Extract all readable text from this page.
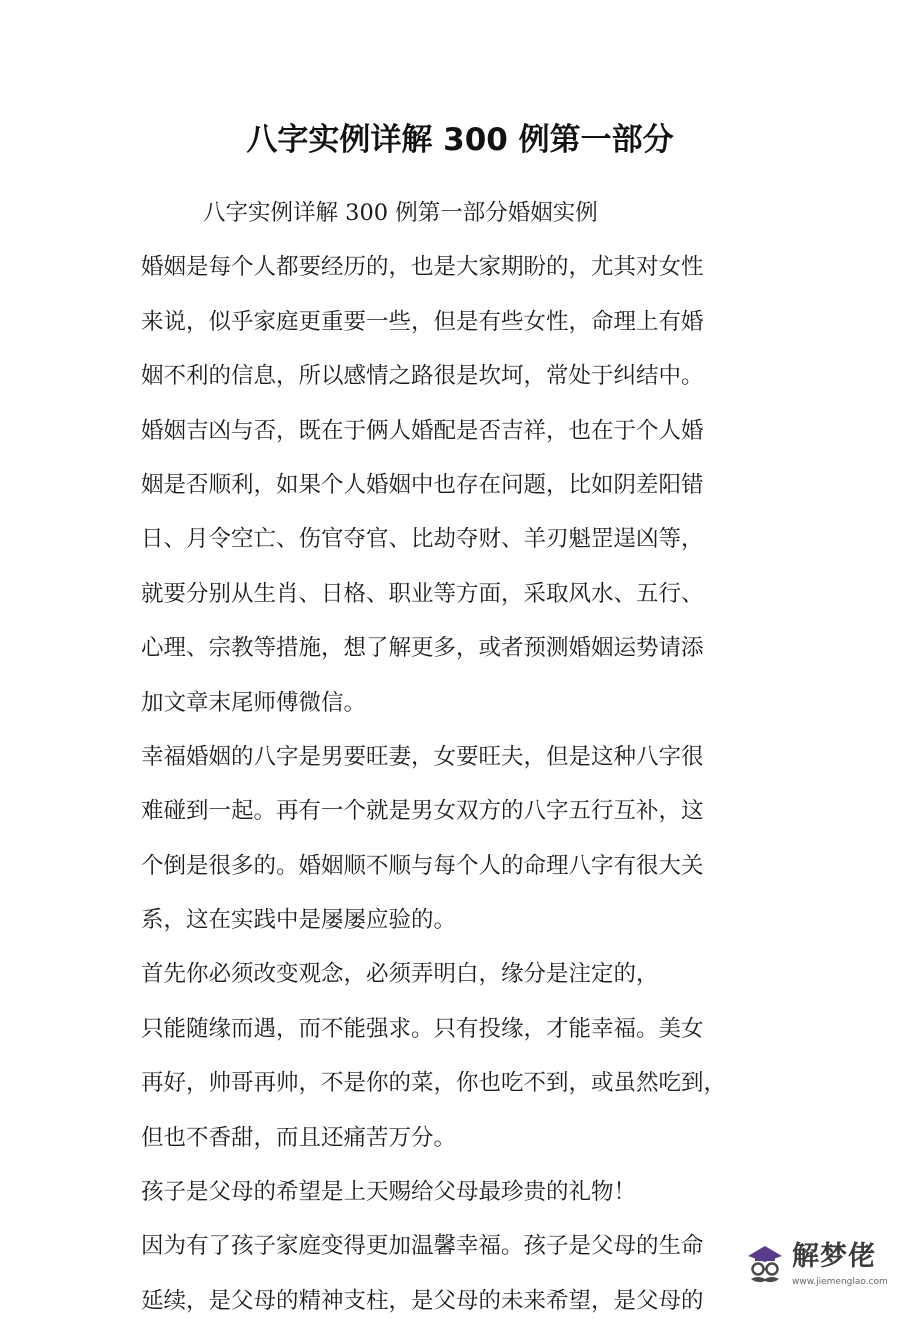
八字实例详解 300 例第一部分
八字实例详解 300 例第一部分婚姻实例
婚姻是每个人都要经历的，也是大家期盼的，尤其对女性
来说，似乎家庭更重要一些，但是有些女性，命理上有婚
姻不利的信息，所以感情之路很是坎坷，常处于纠结中。
婚姻吉凶与否，既在于俩人婚配是否吉祥，也在于个人婚
姻是否顺利，如果个人婚姻中也存在问题，比如阴差阳错
日、月令空亡、伤官夺官、比劫夺财、羊刃魁罡逞凶等，
就要分别从生肖、日格、职业等方面，采取风水、五行、
心理、宗教等措施，想了解更多，或者预测婚姻运势请添
加文章末尾师傅微信。
幸福婚姻的八字是男要旺妻，女要旺夫，但是这种八字很
难碰到一起。再有一个就是男女双方的八字五行互补，这
个倒是很多的。婚姻顺不顺与每个人的命理八字有很大关
系，这在实践中是屡屡应验的。
首先你必须改变观念，必须弄明白，缘分是注定的，
只能随缘而遇，而不能强求。只有投缘，才能幸福。美女
再好，帅哥再帅，不是你的菜，你也吃不到，或虽然吃到，
但也不香甜，而且还痛苦万分。
孩子是父母的希望是上天赐给父母最珍贵的礼物！
因为有了孩子家庭变得更加温馨幸福。孩子是父母的生命
延续，是父母的精神支柱，是父母的未来希望，是父母的
解梦佬
www.jiemenglao.com
